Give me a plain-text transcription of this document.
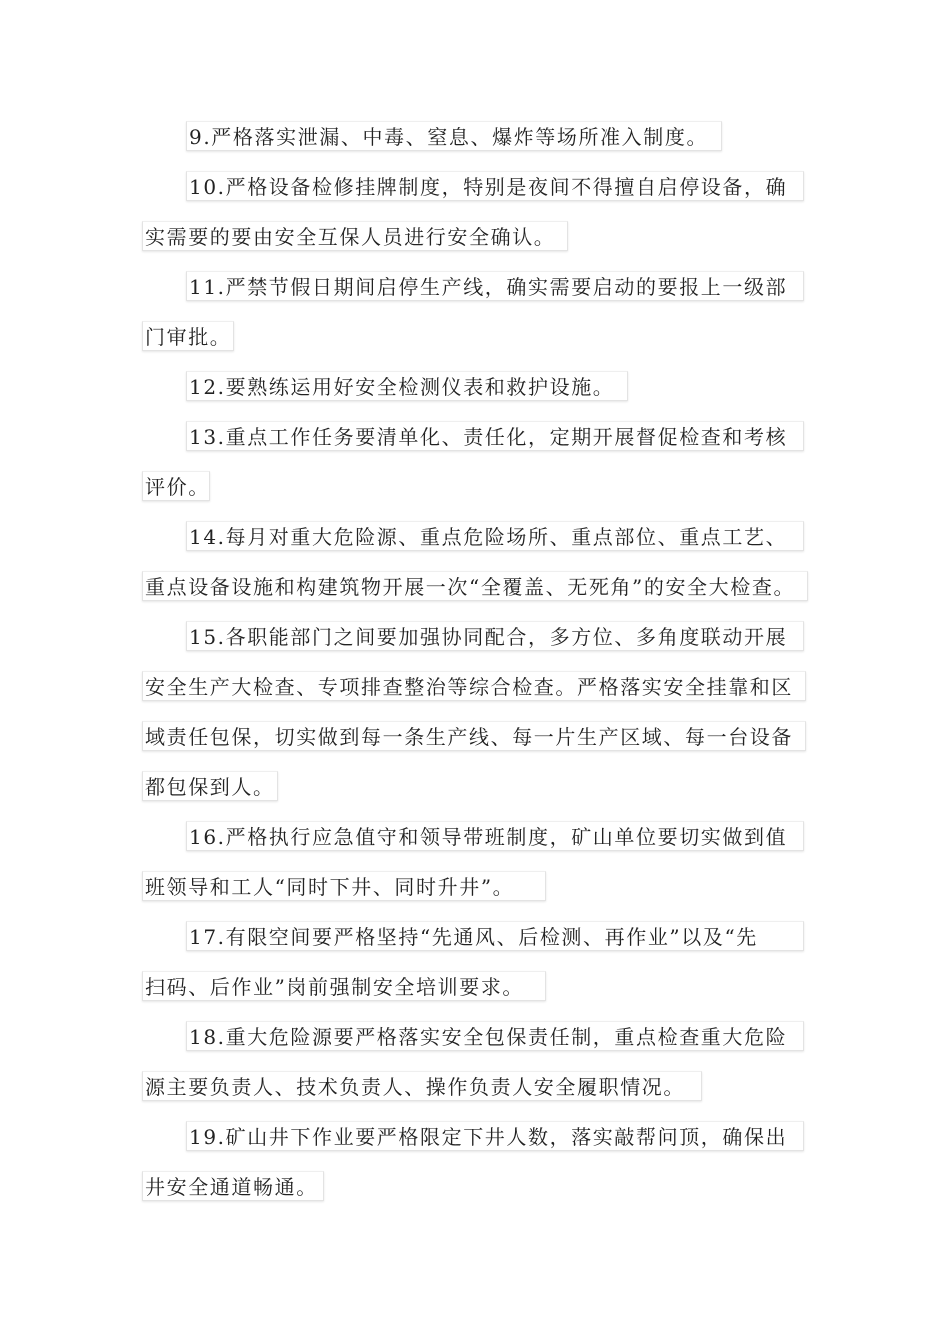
9.严格落实泄漏、中毒、窒息、爆炸等场所准入制度。
10.严格设备检修挂牌制度，特别是夜间不得擅自启停设备，确
实需要的要由安全互保人员进行安全确认。
11.严禁节假日期间启停生产线，确实需要启动的要报上一级部
门审批。
12.要熟练运用好安全检测仪表和救护设施。
13.重点工作任务要清单化、责任化，定期开展督促检查和考核
评价。
14.每月对重大危险源、重点危险场所、重点部位、重点工艺、
重点设备设施和构建筑物开展一次“全覆盖、无死角”的安全大检查。
15.各职能部门之间要加强协同配合，多方位、多角度联动开展
安全生产大检查、专项排查整治等综合检查。严格落实安全挂靠和区
域责任包保，切实做到每一条生产线、每一片生产区域、每一台设备
都包保到人。
16.严格执行应急值守和领导带班制度，矿山单位要切实做到值
班领导和工人“同时下井、同时升井”。
17.有限空间要严格坚持“先通风、后检测、再作业”以及“先
扫码、后作业”岗前强制安全培训要求。
18.重大危险源要严格落实安全包保责任制，重点检查重大危险
源主要负责人、技术负责人、操作负责人安全履职情况。
19.矿山井下作业要严格限定下井人数，落实敲帮问顶，确保出
井安全通道畅通。
